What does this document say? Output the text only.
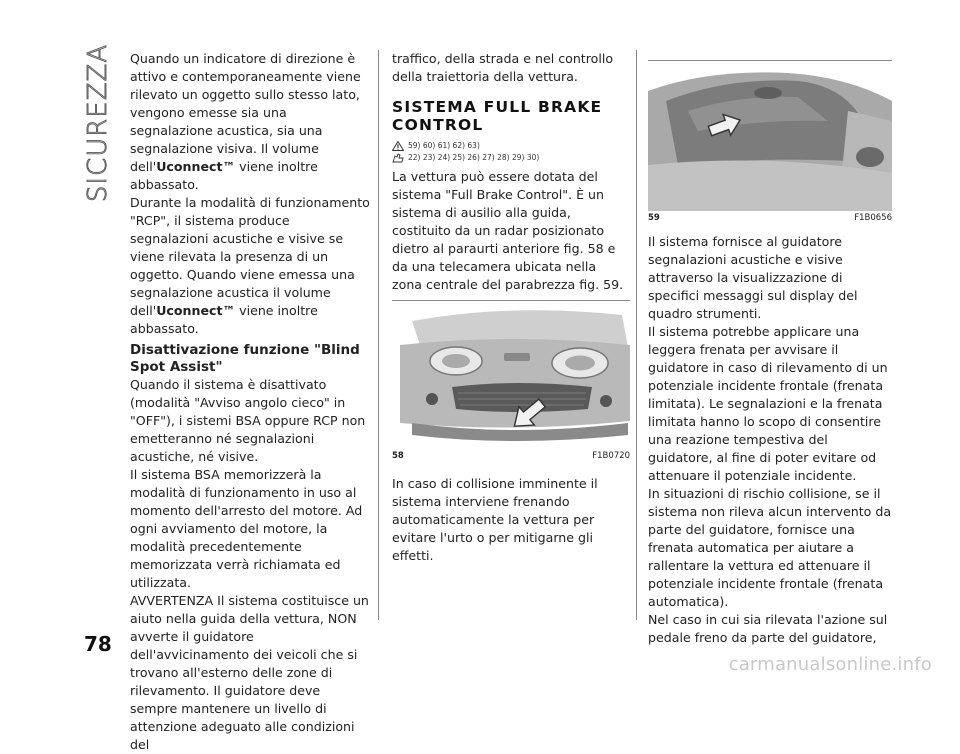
SICUREZZA
78

Quando un indicatore di direzione è attivo e contemporaneamente viene rilevato un oggetto sullo stesso lato, vengono emesse sia una segnalazione acustica, sia una segnalazione visiva. Il volume dell'Uconnect™ viene inoltre abbassato.

Durante la modalità di funzionamento "RCP", il sistema produce segnalazioni acustiche e visive se viene rilevata la presenza di un oggetto. Quando viene emessa una segnalazione acustica il volume dell'Uconnect™ viene inoltre abbassato.

Disattivazione funzione "Blind Spot Assist"

Quando il sistema è disattivato (modalità "Avviso angolo cieco" in "OFF"), i sistemi BSA oppure RCP non emetteranno né segnalazioni acustiche, né visive.

Il sistema BSA memorizzerà la modalità di funzionamento in uso al momento dell'arresto del motore. Ad ogni avviamento del motore, la modalità precedentemente memorizzata verrà richiamata ed utilizzata.

AVVERTENZA Il sistema costituisce un aiuto nella guida della vettura, NON avverte il guidatore dell'avvicinamento dei veicoli che si trovano all'esterno delle zone di rilevamento. Il guidatore deve sempre mantenere un livello di attenzione adeguato alle condizioni del

traffico, della strada e nel controllo della traiettoria della vettura.

SISTEMA FULL BRAKE CONTROL
59) 60) 61) 62) 63)
22) 23) 24) 25) 26) 27) 28) 29) 30)

La vettura può essere dotata del sistema "Full Brake Control". È un sistema di ausilio alla guida, costituito da un radar posizionato dietro al paraurti anteriore fig. 58 e da una telecamera ubicata nella zona centrale del parabrezza fig. 59.

58	F1B0720

In caso di collisione imminente il sistema interviene frenando automaticamente la vettura per evitare l'urto o per mitigarne gli effetti.

59	F1B0656

Il sistema fornisce al guidatore segnalazioni acustiche e visive attraverso la visualizzazione di specifici messaggi sul display del quadro strumenti.

Il sistema potrebbe applicare una leggera frenata per avvisare il guidatore in caso di rilevamento di un potenziale incidente frontale (frenata limitata). Le segnalazioni e la frenata limitata hanno lo scopo di consentire una reazione tempestiva del guidatore, al fine di poter evitare od attenuare il potenziale incidente.

In situazioni di rischio collisione, se il sistema non rileva alcun intervento da parte del guidatore, fornisce una frenata automatica per aiutare a rallentare la vettura ed attenuare il potenziale incidente frontale (frenata automatica).

Nel caso in cui sia rilevata l'azione sul pedale freno da parte del guidatore,

carmanualsonline.info
